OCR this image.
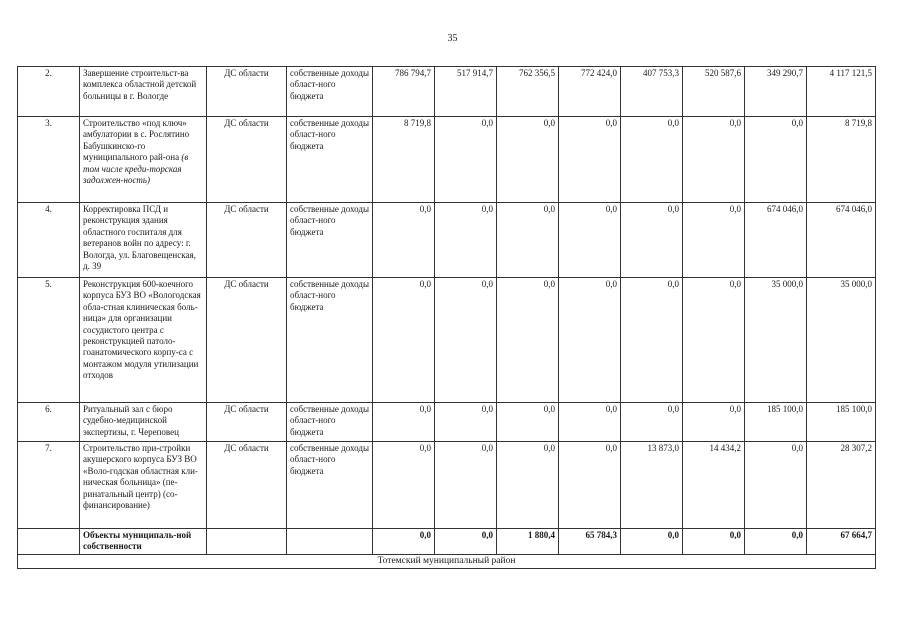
35
2.	Завершение строительст-ва комплекса областной детской больницы в г. Вологде	ДС области	собственные доходы област-ного бюджета	786 794,7	517 914,7	762 356,5	772 424,0	407 753,3	520 587,6	349 290,7	4 117 121,5
3.	Строительство «под ключ» амбулатории в с. Рослятино Бабушкинско-го муниципального рай-она (в том числе креди-торская задолжен-ность)	ДС области	собственные доходы област-ного бюджета	8 719,8	0,0	0,0	0,0	0,0	0,0	0,0	8 719,8
4.	Корректировка ПСД и реконструкция здания областного госпиталя для ветеранов войн по адресу: г. Вологда, ул. Благовещенская, д. 39	ДС области	собственные доходы област-ного бюджета	0,0	0,0	0,0	0,0	0,0	0,0	674 046,0	674 046,0
5.	Реконструкция 600-коечного корпуса БУЗ ВО «Вологодская обла-стная клиническая боль-ница» для организации сосудистого центра с реконструкцией патоло-гоанатомического корпу-са с монтажом модуля утилизации отходов	ДС области	собственные доходы област-ного бюджета	0,0	0,0	0,0	0,0	0,0	0,0	35 000,0	35 000,0
6.	Ритуальный зал с бюро судебно-медицинской экспертизы, г. Череповец	ДС области	собственные доходы област-ного бюджета	0,0	0,0	0,0	0,0	0,0	0,0	185 100,0	185 100,0
7.	Строительство при-стройки акушерского корпуса БУЗ ВО «Воло-годская областная кли-ническая больница» (пе-ринатальный центр) (со-финансирование)	ДС области	собственные доходы област-ного бюджета	0,0	0,0	0,0	0,0	13 873,0	14 434,2	0,0	28 307,2
	Объекты муниципаль-ной собственности			0,0	0,0	1 880,4	65 784,3	0,0	0,0	0,0	67 664,7
Тотемский муниципальный район											
